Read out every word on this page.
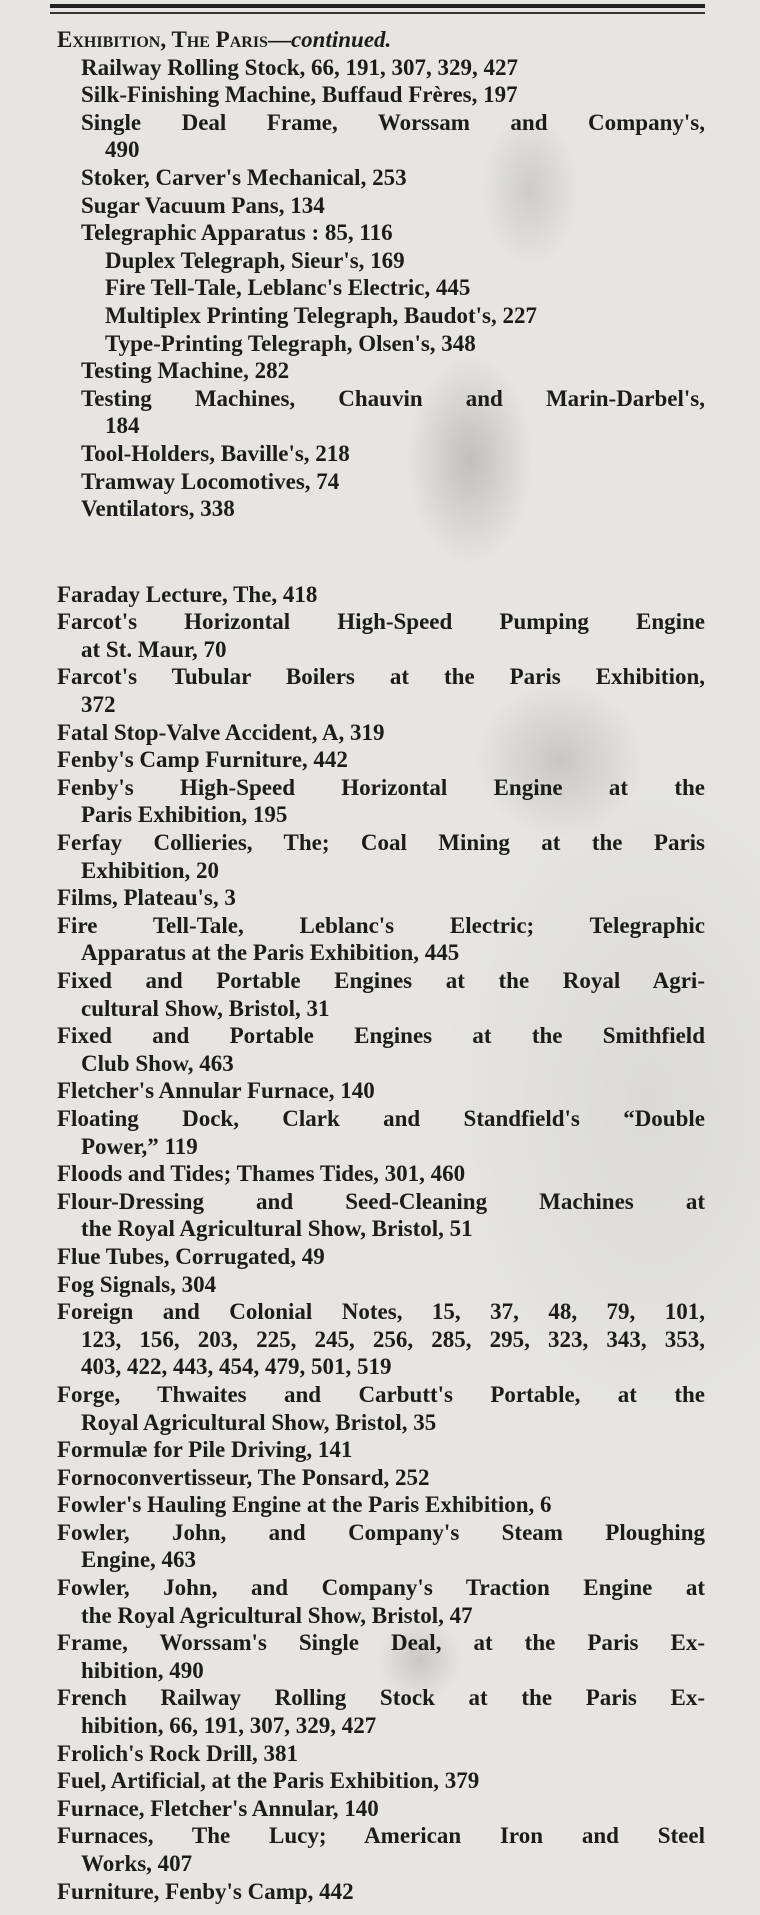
Exhibition, The Paris—continued.
Railway Rolling Stock, 66, 191, 307, 329, 427
Silk-Finishing Machine, Buffaud Frères, 197
Single Deal Frame, Worssam and Company's,
490
Stoker, Carver's Mechanical, 253
Sugar Vacuum Pans, 134
Telegraphic Apparatus : 85, 116
Duplex Telegraph, Sieur's, 169
Fire Tell-Tale, Leblanc's Electric, 445
Multiplex Printing Telegraph, Baudot's, 227
Type-Printing Telegraph, Olsen's, 348
Testing Machine, 282
Testing Machines, Chauvin and Marin-Darbel's,
184
Tool-Holders, Baville's, 218
Tramway Locomotives, 74
Ventilators, 338
Faraday Lecture, The, 418
Farcot's Horizontal High-Speed Pumping Engine
at St. Maur, 70
Farcot's Tubular Boilers at the Paris Exhibition,
372
Fatal Stop-Valve Accident, A, 319
Fenby's Camp Furniture, 442
Fenby's High-Speed Horizontal Engine at the
Paris Exhibition, 195
Ferfay Collieries, The; Coal Mining at the Paris
Exhibition, 20
Films, Plateau's, 3
Fire Tell-Tale, Leblanc's Electric; Telegraphic
Apparatus at the Paris Exhibition, 445
Fixed and Portable Engines at the Royal Agri-
cultural Show, Bristol, 31
Fixed and Portable Engines at the Smithfield
Club Show, 463
Fletcher's Annular Furnace, 140
Floating Dock, Clark and Standfield's “Double
Power,” 119
Floods and Tides; Thames Tides, 301, 460
Flour-Dressing and Seed-Cleaning Machines at
the Royal Agricultural Show, Bristol, 51
Flue Tubes, Corrugated, 49
Fog Signals, 304
Foreign and Colonial Notes, 15, 37, 48, 79, 101,
123, 156, 203, 225, 245, 256, 285, 295, 323, 343, 353,
403, 422, 443, 454, 479, 501, 519
Forge, Thwaites and Carbutt's Portable, at the
Royal Agricultural Show, Bristol, 35
Formulæ for Pile Driving, 141
Fornoconvertisseur, The Ponsard, 252
Fowler's Hauling Engine at the Paris Exhibition, 6
Fowler, John, and Company's Steam Ploughing
Engine, 463
Fowler, John, and Company's Traction Engine at
the Royal Agricultural Show, Bristol, 47
Frame, Worssam's Single Deal, at the Paris Ex-
hibition, 490
French Railway Rolling Stock at the Paris Ex-
hibition, 66, 191, 307, 329, 427
Frolich's Rock Drill, 381
Fuel, Artificial, at the Paris Exhibition, 379
Furnace, Fletcher's Annular, 140
Furnaces, The Lucy; American Iron and Steel
Works, 407
Furniture, Fenby's Camp, 442
